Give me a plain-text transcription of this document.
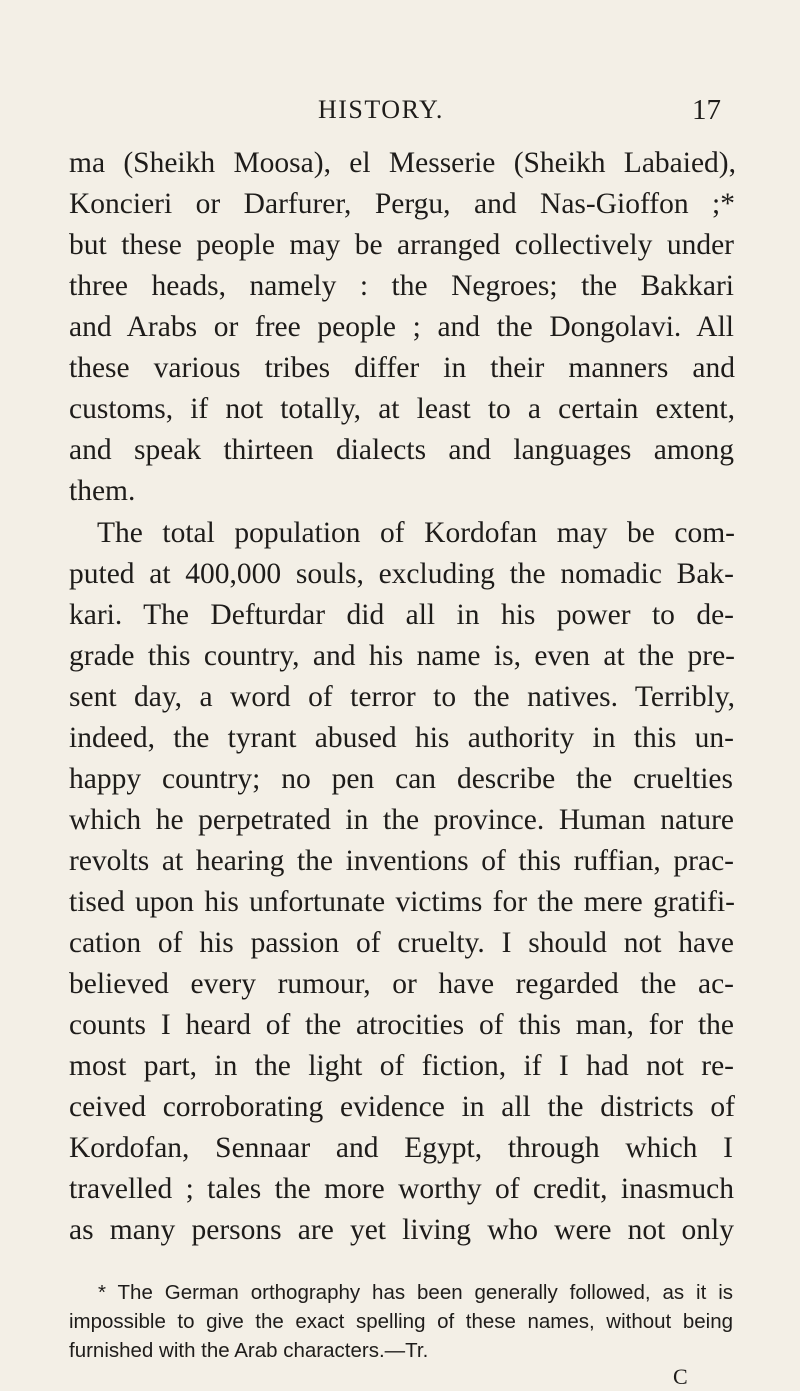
HISTORY.	17
ma (Sheikh Moosa), el Messerie (Sheikh Labaied),
Koncieri or Darfurer, Pergu, and Nas-Gioffon ;*
but these people may be arranged collectively under
three heads, namely : the Negroes; the Bakkari
and Arabs or free people ; and the Dongolavi. All
these various tribes differ in their manners and
customs, if not totally, at least to a certain extent,
and speak thirteen dialects and languages among
them.
The total population of Kordofan may be com-
puted at 400,000 souls, excluding the nomadic Bak-
kari. The Defturdar did all in his power to de-
grade this country, and his name is, even at the pre-
sent day, a word of terror to the natives. Terribly,
indeed, the tyrant abused his authority in this un-
happy country; no pen can describe the cruelties
which he perpetrated in the province. Human nature
revolts at hearing the inventions of this ruffian, prac-
tised upon his unfortunate victims for the mere gratifi-
cation of his passion of cruelty. I should not have
believed every rumour, or have regarded the ac-
counts I heard of the atrocities of this man, for the
most part, in the light of fiction, if I had not re-
ceived corroborating evidence in all the districts of
Kordofan, Sennaar and Egypt, through which I
travelled ; tales the more worthy of credit, inasmuch
as many persons are yet living who were not only
* The German orthography has been generally followed, as it is
impossible to give the exact spelling of these names, without being
furnished with the Arab characters.—Tr.
C
